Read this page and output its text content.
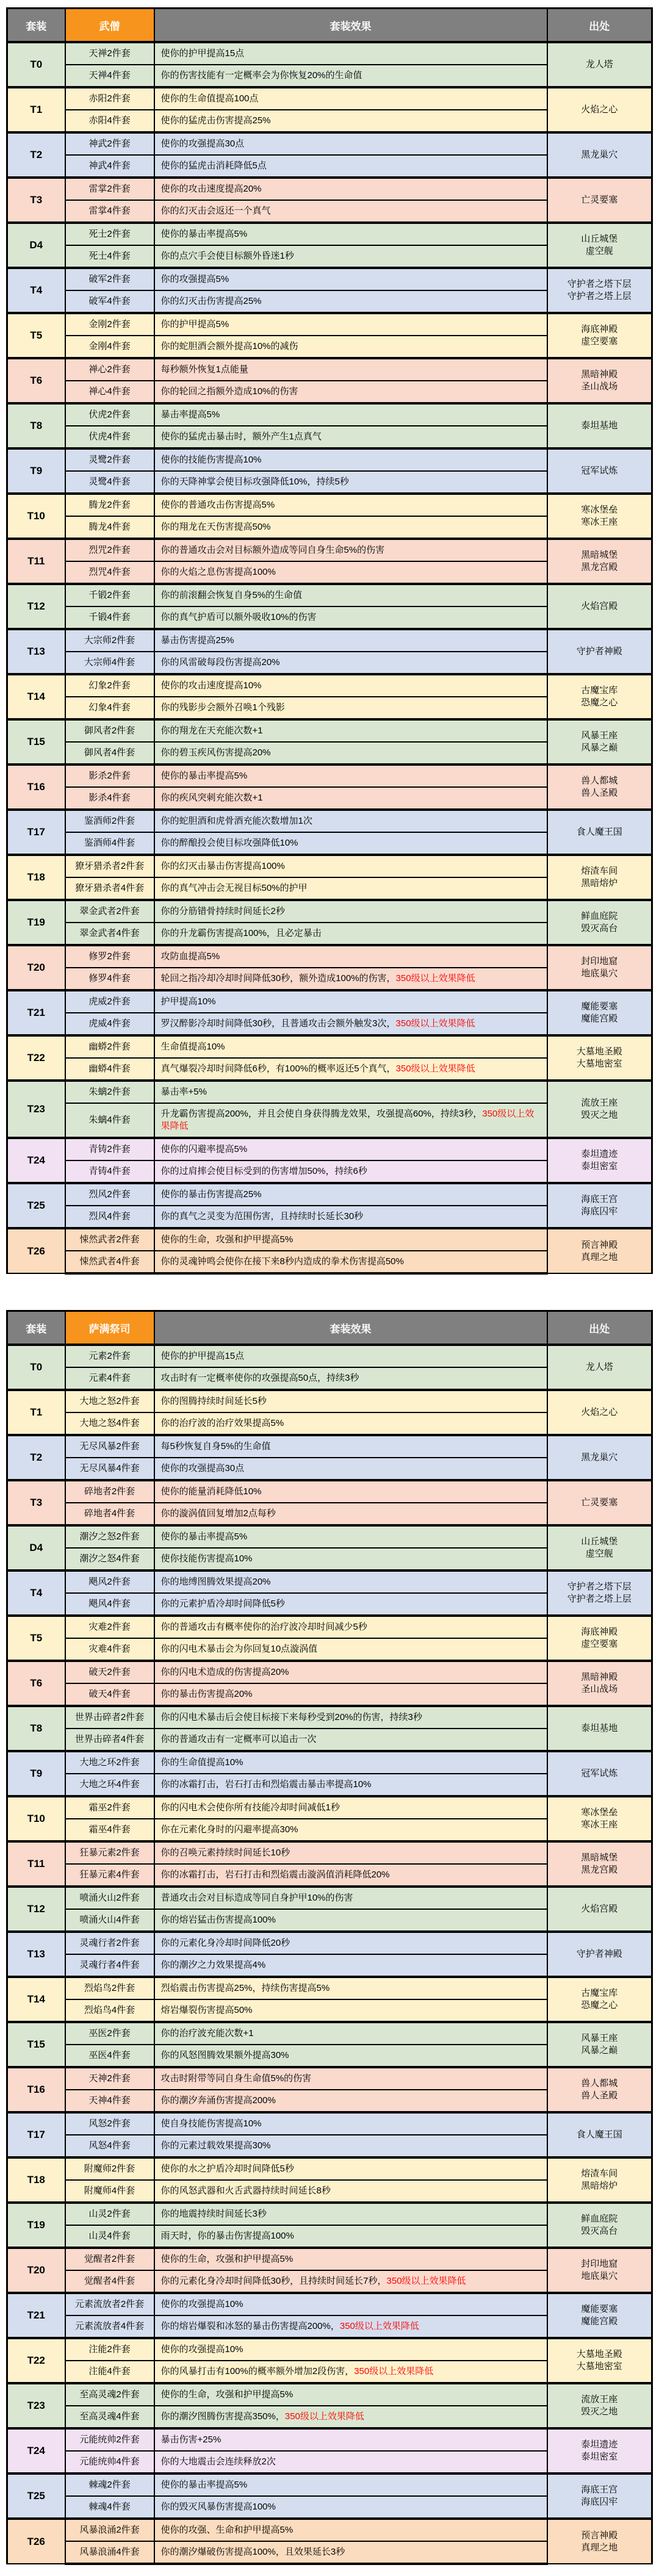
套装	武僧	套装效果	出处
T0	天禅2件套	使你的护甲提高15点	龙人塔
	天禅4件套	你的伤害技能有一定概率会为你恢复20%的生命值	
T1	赤阳2件套	使你的生命值提高100点	火焰之心
	赤阳4件套	使你的猛虎击伤害提高25%	
T2	神武2件套	使你的攻强提高30点	黑龙巢穴
	神武4件套	使你的猛虎击消耗降低5点	
T3	雷掌2件套	使你的攻击速度提高20%	亡灵要塞
	雷掌4件套	你的幻灭击会返还一个真气	
D4	死士2件套	使你的暴击率提高5%	山丘城堡
虚空舰
	死士4件套	你的点穴手会使目标额外昏迷1秒	
T4	破军2件套	你的攻强提高5%	守护者之塔下层
守护者之塔上层
	破军4件套	你的幻灭击伤害提高25%	
T5	金刚2件套	你的护甲提高5%	海底神殿
虚空要塞
	金刚4件套	你的蛇胆酒会额外提高10%的减伤	
T6	禅心2件套	每秒额外恢复1点能量	黑暗神殿
圣山战场
	禅心4件套	你的轮回之指额外造成10%的伤害	
T8	伏虎2件套	暴击率提高5%	泰坦基地
	伏虎4件套	使你的猛虎击暴击时，额外产生1点真气	
T9	灵鹭2件套	使你的技能伤害提高10%	冠军试炼
	灵鹭4件套	你的天降神掌会使目标攻强降低10%，持续5秒	
T10	腾龙2件套	使你的普通攻击伤害提高5%	寒冰堡垒
寒冰王座
	腾龙4件套	你的翔龙在天伤害提高50%	
T11	烈咒2件套	你的普通攻击会对目标额外造成等同自身生命5%的伤害	黑暗城堡
黑龙宫殿
	烈咒4件套	你的火焰之息伤害提高100%	
T12	千锻2件套	你的前滚翻会恢复自身5%的生命值	火焰宫殿
	千锻4件套	你的真气护盾可以额外吸收10%的伤害	
T13	大宗师2件套	暴击伤害提高25%	守护者神殿
	大宗师4件套	你的风雷破每段伤害提高20%	
T14	幻象2件套	使你的攻击速度提高10%	古魔宝库
恐魔之心
	幻象4件套	你的残影步会额外召唤1个残影	
T15	御风者2件套	你的翔龙在天充能次数+1	风暴王座
风暴之巅
	御风者4件套	你的碧玉疾风伤害提高20%	
T16	影杀2件套	使你的暴击率提高5%	兽人都城
兽人圣殿
	影杀4件套	你的疾风突刺充能次数+1	
T17	鉴酒师2件套	你的蛇胆酒和虎骨酒充能次数增加1次	食人魔王国
	鉴酒师4件套	你的醉酿投会使目标攻强降低10%	
T18	獠牙猎杀者2件套	你的幻灭击暴击伤害提高100%	熔渣车间
黑暗熔炉
	獠牙猎杀者4件套	你的真气冲击会无视目标50%的护甲	
T19	翠金武者2件套	你的分筋错骨持续时间延长2秒	鲜血庭院
毁灭高台
	翠金武者4件套	你的升龙霸伤害提高100%，且必定暴击	
T20	修罗2件套	攻防血提高5%	封印地窟
地底巢穴
	修罗4件套	轮回之指冷却冷却时间降低30秒，额外造成100%的伤害，350级以上效果降低	
T21	虎威2件套	护甲提高10%	魔能要塞
魔能宫殿
	虎威4件套	罗汉醉影冷却时间降低30秒，且普通攻击会额外触发3次，350级以上效果降低	
T22	幽蟒2件套	生命值提高10%	大墓地圣殿
大墓地密室
	幽蟒4件套	真气爆裂冷却时间降低6秒，有100%的概率返还5个真气，350级以上效果降低	
T23	朱螭2件套	暴击率+5%	流放王座
毁灭之地
	朱螭4件套	升龙霸伤害提高200%，并且会使自身获得腾龙效果，攻强提高60%，持续3秒，350级以上效果降低	
T24	青铸2件套	使你的闪避率提高5%	泰坦遗迹
泰坦密室
	青铸4件套	你的过肩摔会使目标受到的伤害增加50%，持续6秒	
T25	烈风2件套	使你的暴击伤害提高25%	海底王宫
海底囚牢
	烈风4件套	你的真气之灵变为范围伤害，且持续时长延长30秒	
T26	悚然武者2件套	使你的生命，攻强和护甲提高5%	预言神殿
真理之地
	悚然武者4件套	你的灵魂钟鸣会使你在接下来8秒内造成的拳术伤害提高50%	
套装	萨满祭司	套装效果	出处
T0	元素2件套	使你的护甲提高15点	龙人塔
	元素4件套	攻击时有一定概率使你的攻强提高50点，持续3秒	
T1	大地之怒2件套	你的图腾持续时间延长5秒	火焰之心
	大地之怒4件套	你的治疗波的治疗效果提高5%	
T2	无尽风暴2件套	每5秒恢复自身5%的生命值	黑龙巢穴
	无尽风暴4件套	使你的攻强提高30点	
T3	碎地者2件套	使你的能量消耗降低10%	亡灵要塞
	碎地者4件套	你的漩涡值回复增加2点每秒	
D4	潮汐之怒2件套	使你的暴击率提高5%	山丘城堡
虚空舰
	潮汐之怒4件套	使你技能伤害提高10%	
T4	飓风2件套	你的地缚图腾效果提高20%	守护者之塔下层
守护者之塔上层
	飓风4件套	你的元素护盾冷却时间降低5秒	
T5	灾难2件套	你的普通攻击有概率使你的治疗波冷却时间减少5秒	海底神殿
虚空要塞
	灾难4件套	你的闪电术暴击会为你回复10点漩涡值	
T6	破天2件套	你的闪电术造成的伤害提高20%	黑暗神殿
圣山战场
	破天4件套	你的暴击伤害提高20%	
T8	世界击碎者2件套	你的闪电术暴击后会使目标接下来每秒受到20%的伤害，持续3秒	泰坦基地
	世界击碎者4件套	你的普通攻击有一定概率可以追击一次	
T9	大地之环2件套	你的生命值提高10%	冠军试炼
	大地之环4件套	你的冰霜打击，岩石打击和烈焰震击暴击率提高10%	
T10	霜巫2件套	你的闪电术会使你所有技能冷却时间减低1秒	寒冰堡垒
寒冰王座
	霜巫4件套	你在元素化身时的闪避率提高30%	
T11	狂暴元素2件套	你的召唤元素持续时间延长10秒	黑暗城堡
黑龙宫殿
	狂暴元素4件套	你的冰霜打击，岩石打击和烈焰震击漩涡值消耗降低20%	
T12	喷涌火山2件套	普通攻击会对目标造成等同自身护甲10%的伤害	火焰宫殿
	喷涌火山4件套	你的熔岩猛击伤害提高100%	
T13	灵魂行者2件套	你的元素化身冷却时间降低20秒	守护者神殿
	灵魂行者4件套	你的潮汐之力效果提高4%	
T14	烈焰鸟2件套	烈焰震击伤害提高25%，持续伤害提高5%	古魔宝库
恐魔之心
	烈焰鸟4件套	熔岩爆裂伤害提高50%	
T15	巫医2件套	你的治疗波充能次数+1	风暴王座
风暴之巅
	巫医4件套	你的风怒图腾效果额外提高30%	
T16	天神2件套	攻击时附带等同自身生命值5%的伤害	兽人都城
兽人圣殿
	天神4件套	你的潮汐奔涌伤害提高200%	
T17	风怒2件套	使自身技能伤害提高10%	食人魔王国
	风怒4件套	你的元素过载效果提高30%	
T18	附魔师2件套	使你的水之护盾冷却时间降低5秒	熔渣车间
黑暗熔炉
	附魔师4件套	你的风怒武器和火舌武器持续时间延长8秒	
T19	山灵2件套	你的地震持续时间延长3秒	鲜血庭院
毁灭高台
	山灵4件套	雨天时，你的暴击伤害提高100%	
T20	觉醒者2件套	使你的生命，攻强和护甲提高5%	封印地窟
地底巢穴
	觉醒者4件套	你的元素化身冷却时间降低30秒，且持续时间延长7秒，350级以上效果降低	
T21	元素流放者2件套	使你的攻强提高10%	魔能要塞
魔能宫殿
	元素流放者4件套	你的熔岩爆裂和冰怒的暴击伤害提高200%，350级以上效果降低	
T22	注能2件套	使你的攻强提高10%	大墓地圣殿
大墓地密室
	注能4件套	你的风暴打击有100%的概率额外增加2段伤害，350级以上效果降低	
T23	至高灵魂2件套	使你的生命，攻强和护甲提高5%	流放王座
毁灭之地
	至高灵魂4件套	你的潮汐图腾伤害提高350%，350级以上效果降低	
T24	元能统帅2件套	暴击伤害+25%	泰坦遗迹
泰坦密室
	元能统帅4件套	你的大地震击会连续释放2次	
T25	棘魂2件套	使你的暴击率提高5%	海底王宫
海底囚牢
	棘魂4件套	你的毁灭风暴伤害提高100%	
T26	风暴浪涌2件套	使你的攻强、生命和护甲提高5%	预言神殿
真理之地
	风暴浪涌4件套	你的潮汐爆破伤害提高100%，且效果延长3秒	
